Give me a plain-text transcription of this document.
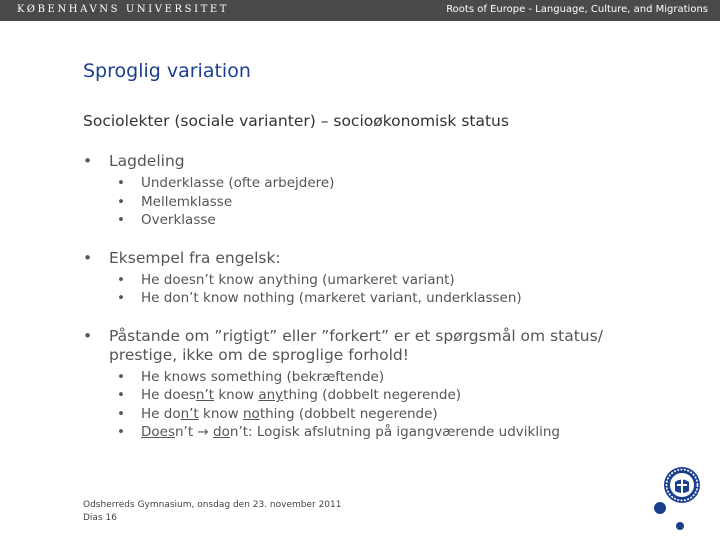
KØBENHAVNS UNIVERSITET	Roots of Europe - Language, Culture, and Migrations
Sproglig variation
Sociolekter (sociale varianter) – socioøkonomisk status
• Lagdeling
• Underklasse (ofte arbejdere)
• Mellemklasse
• Overklasse
• Eksempel fra engelsk:
• He doesn’t know anything (umarkeret variant)
• He don’t know nothing (markeret variant, underklassen)
• Påstande om ”rigtigt” eller ”forkert” er et spørgsmål om status/
prestige, ikke om de sproglige forhold!
• He knows something (bekræftende)
• He doesn’t know anything (dobbelt negerende)
• He don’t know nothing (dobbelt negerende)
• Doesn’t → don’t: Logisk afslutning på igangværende udvikling
Odsherreds Gymnasium, onsdag den 23. november 2011
Dias 16
